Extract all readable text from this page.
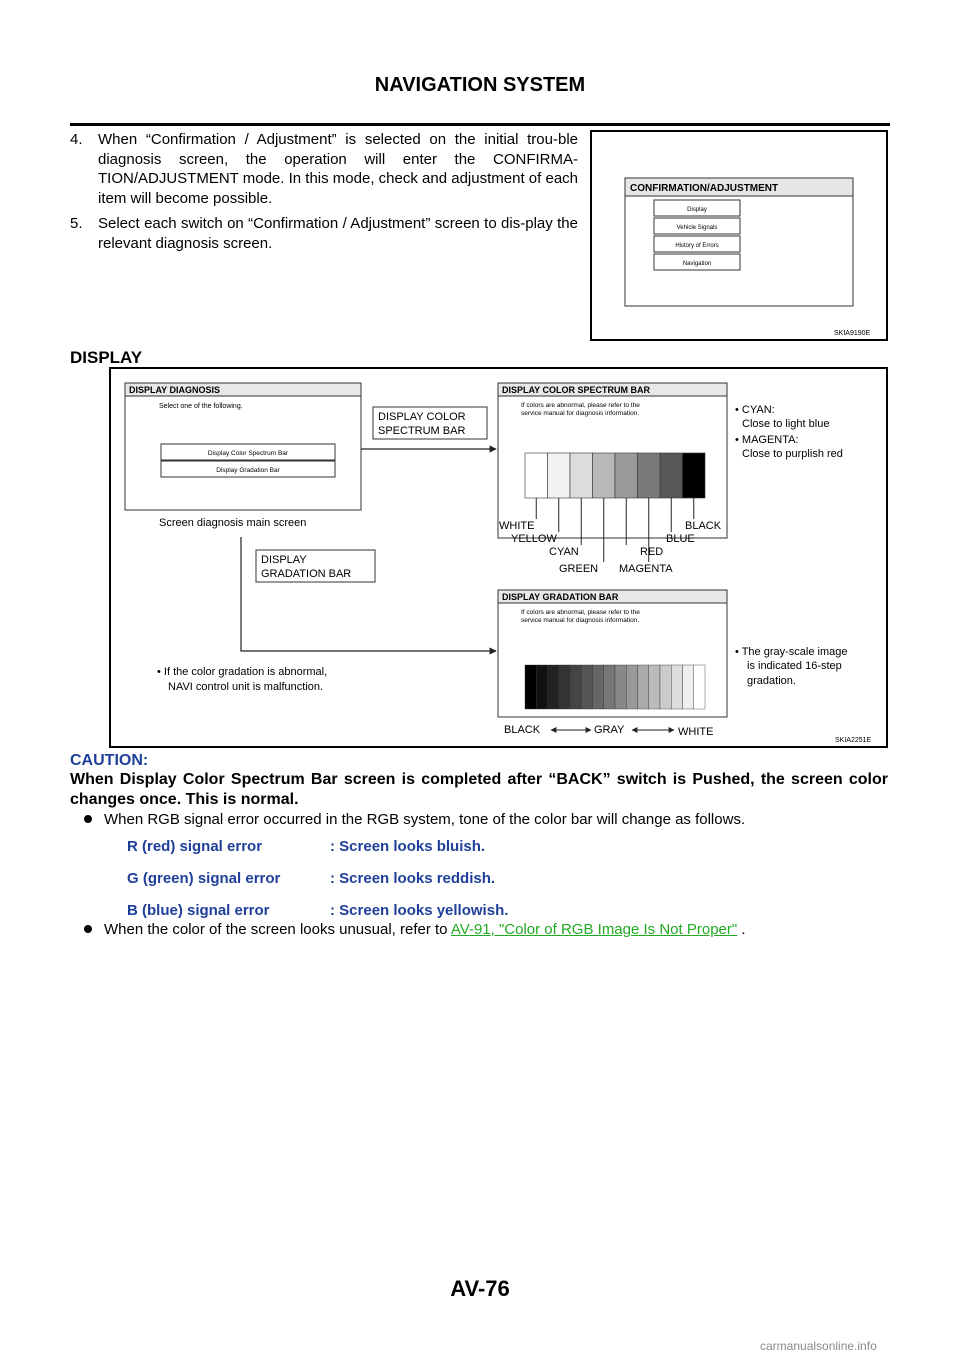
NAVIGATION SYSTEM
4. When “Confirmation / Adjustment” is selected on the initial trou-ble diagnosis screen, the operation will enter the CONFIRMA-TION/ADJUSTMENT mode. In this mode, check and adjustment of each item will become possible.
5. Select each switch on “Confirmation / Adjustment” screen to dis-play the relevant diagnosis screen.
CONFIRMATION/ADJUSTMENT
Display
Vehicle Signals
History of Errors
Navigation
SKIA9190E
DISPLAY
DISPLAY DIAGNOSIS
Select one of the following.
Display Color Spectrum Bar
Display Gradation Bar
Screen diagnosis main screen
DISPLAY COLOR
SPECTRUM BAR
DISPLAY
GRADATION BAR
DISPLAY COLOR SPECTRUM BAR
If colors are abnormal, please refer to the
service manual for diagnosis information.
WHITE
YELLOW
CYAN
GREEN
RED
MAGENTA
BLUE
BLACK
• CYAN:
Close to light blue
• MAGENTA:
Close to purplish red
DISPLAY GRADATION BAR
If colors are abnormal, please refer to the
service manual for diagnosis information.
• The gray-scale image
is indicated 16-step
gradation.
• If the color gradation is abnormal,
NAVI control unit is malfunction.
BLACK	GRAY	WHITE
SKIA2251E
CAUTION:
When Display Color Spectrum Bar screen is completed after “BACK” switch is Pushed, the screen color changes once. This is normal.
When RGB signal error occurred in the RGB system, tone of the color bar will change as follows.
R (red) signal error	: Screen looks bluish.
G (green) signal error	: Screen looks reddish.
B (blue) signal error	: Screen looks yellowish.
When the color of the screen looks unusual, refer to AV-91, "Color of RGB Image Is Not Proper" .
AV-76
carmanualsonline.info
